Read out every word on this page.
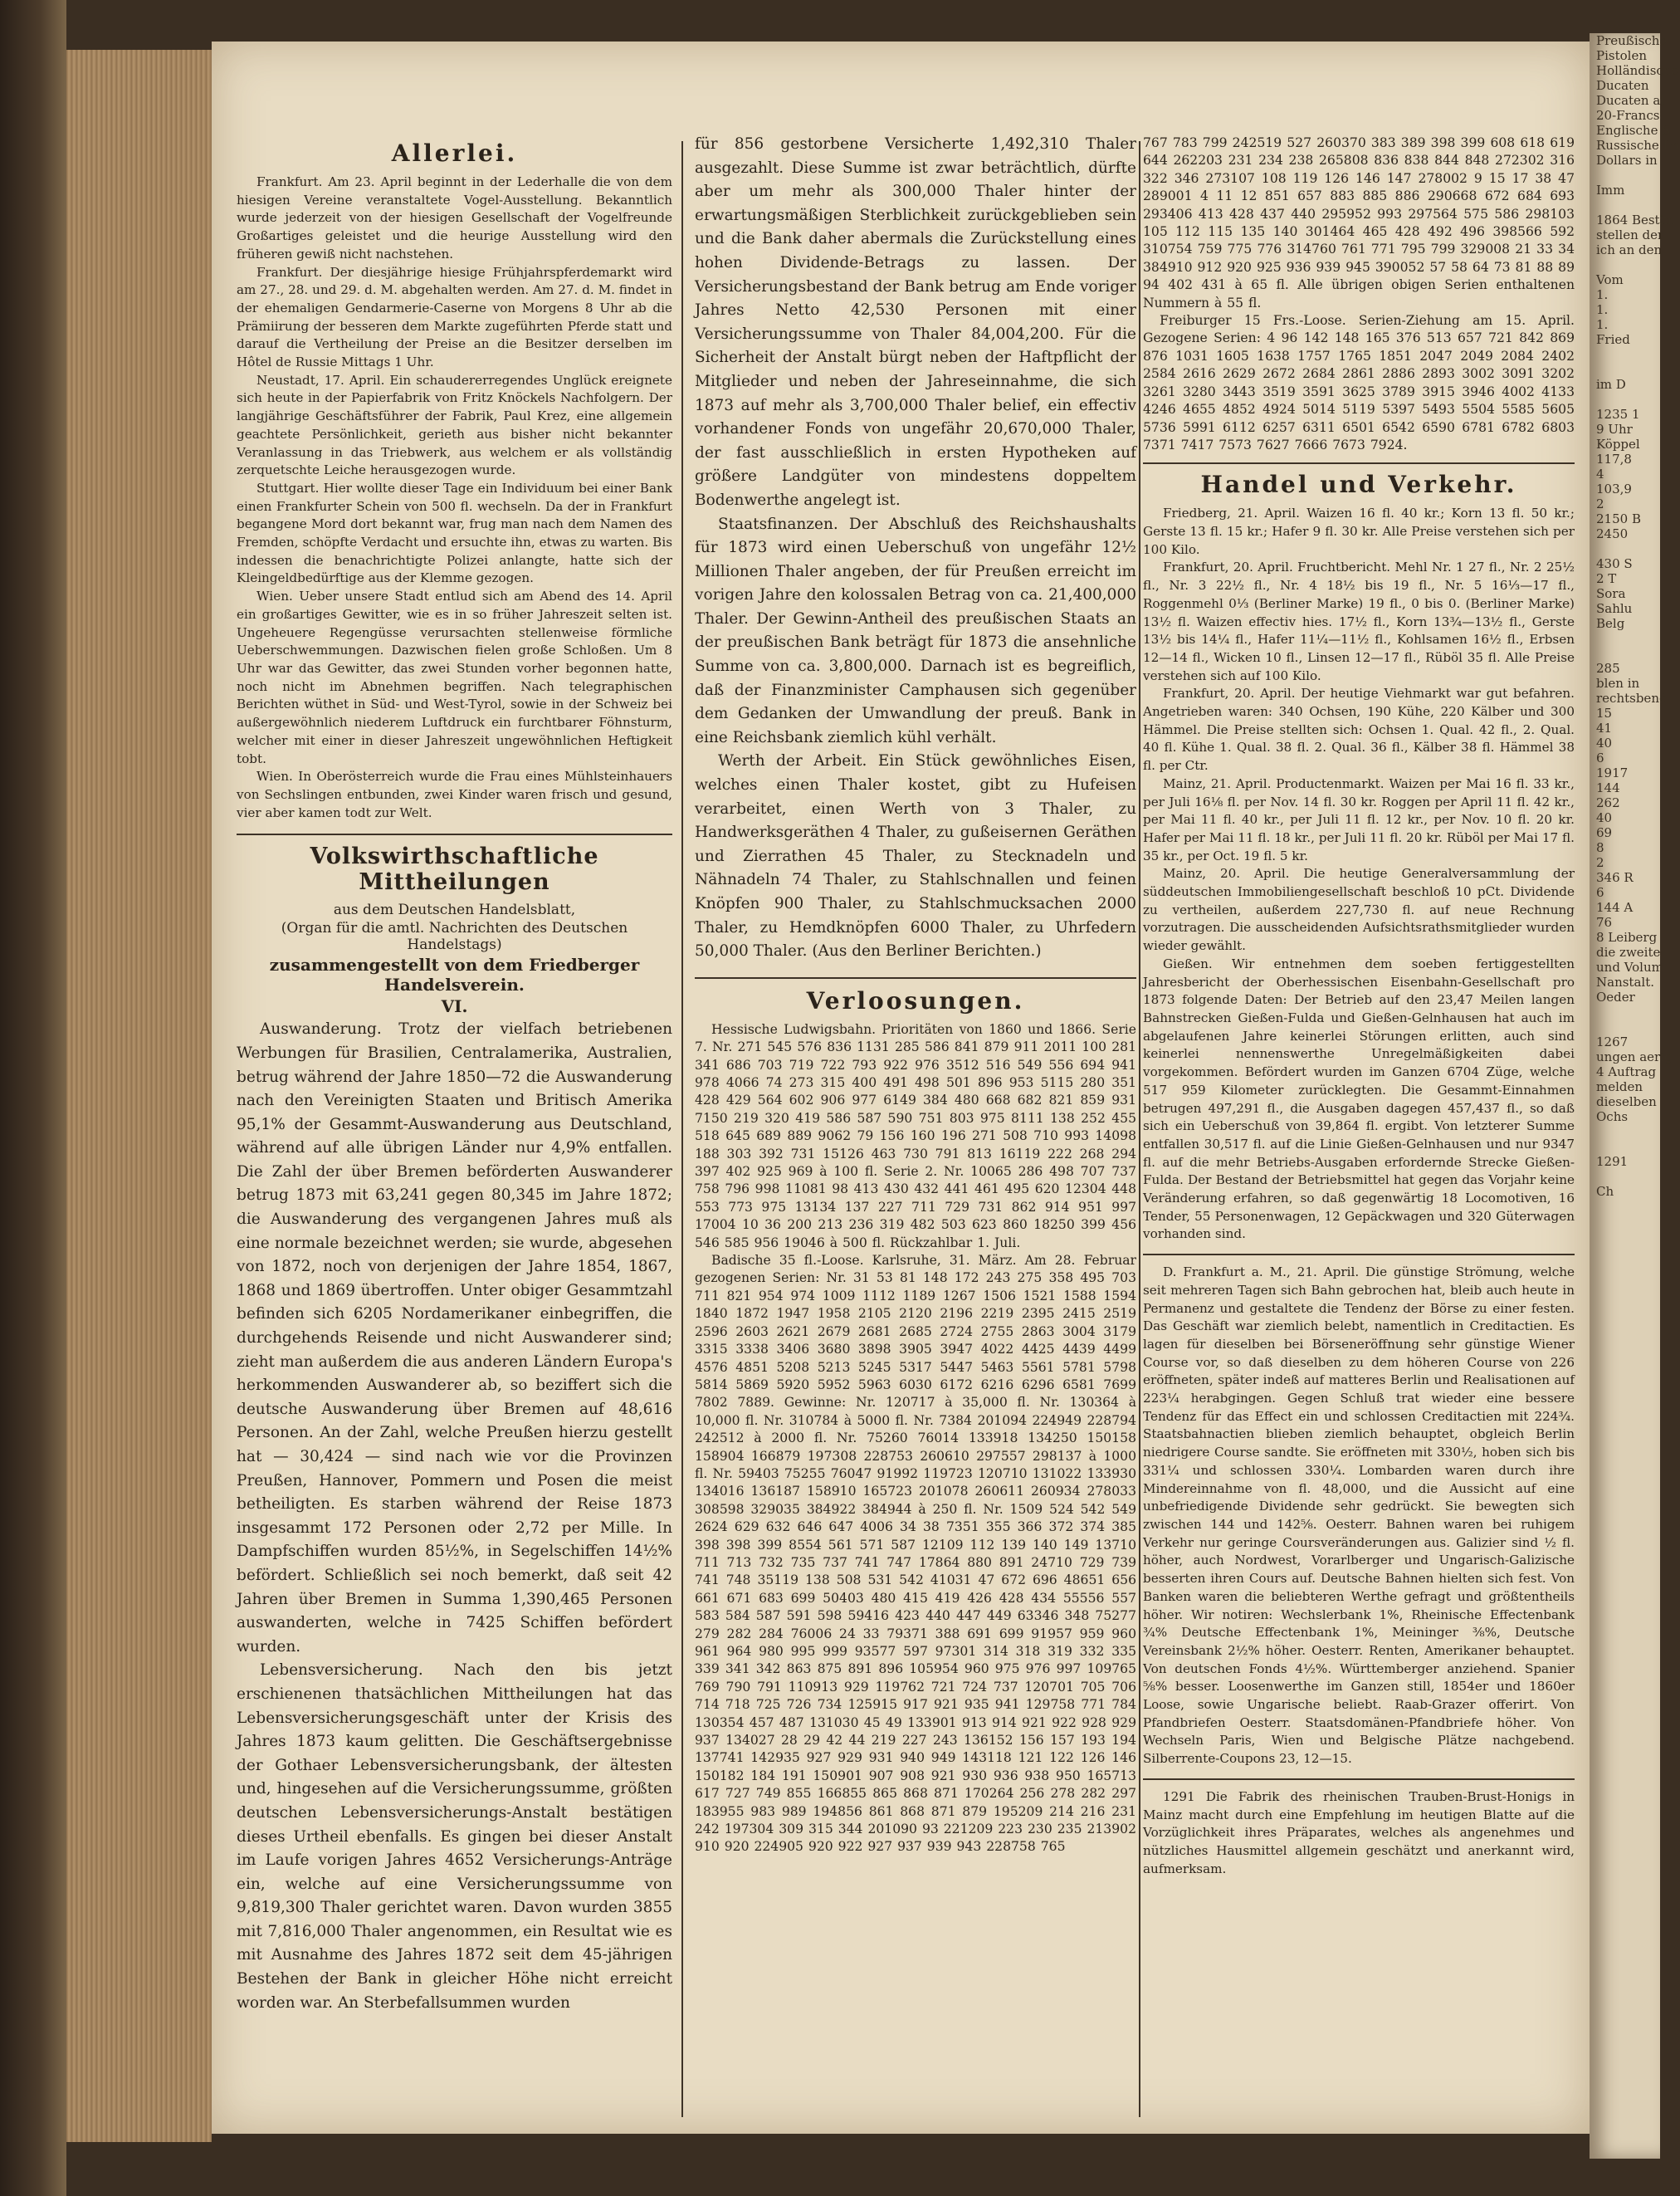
Allerlei.

Frankfurt. Am 23. April beginnt in der Lederhalle die von dem hiesigen Vereine veranstaltete Vogel-Ausstellung. Bekanntlich wurde jederzeit von der hiesigen Gesellschaft der Vogelfreunde Großartiges geleistet und die heurige Ausstellung wird den früheren gewiß nicht nachstehen.

Frankfurt. Der diesjährige hiesige Frühjahrspferdemarkt wird am 27., 28. und 29. d. M. abgehalten werden. Am 27. d. M. findet in der ehemaligen Gendarmerie-Caserne von Morgens 8 Uhr ab die Prämiirung der besseren dem Markte zugeführten Pferde statt und darauf die Vertheilung der Preise an die Besitzer derselben im Hôtel de Russie Mittags 1 Uhr.

Neustadt, 17. April. Ein schaudererregendes Unglück ereignete sich heute in der Papierfabrik von Fritz Knöckels Nachfolgern. Der langjährige Geschäftsführer der Fabrik, Paul Krez, eine allgemein geachtete Persönlichkeit, gerieth aus bisher nicht bekannter Veranlassung in das Triebwerk, aus welchem er als vollständig zerquetschte Leiche herausgezogen wurde.

Stuttgart. Hier wollte dieser Tage ein Individuum bei einer Bank einen Frankfurter Schein von 500 fl. wechseln. Da der in Frankfurt begangene Mord dort bekannt war, frug man nach dem Namen des Fremden, schöpfte Verdacht und ersuchte ihn, etwas zu warten. Bis indessen die benachrichtigte Polizei anlangte, hatte sich der Kleingeldbedürftige aus der Klemme gezogen.

Wien. Ueber unsere Stadt entlud sich am Abend des 14. April ein großartiges Gewitter, wie es in so früher Jahreszeit selten ist. Ungeheuere Regengüsse verursachten stellenweise förmliche Ueberschwemmungen. Dazwischen fielen große Schloßen. Um 8 Uhr war das Gewitter, das zwei Stunden vorher begonnen hatte, noch nicht im Abnehmen begriffen. Nach telegraphischen Berichten wüthet in Süd- und West-Tyrol, sowie in der Schweiz bei außergewöhnlich niederem Luftdruck ein furchtbarer Föhnsturm, welcher mit einer in dieser Jahreszeit ungewöhnlichen Heftigkeit tobt.

Wien. In Oberösterreich wurde die Frau eines Mühlsteinhauers von Sechslingen entbunden, zwei Kinder waren frisch und gesund, vier aber kamen todt zur Welt.

Volkswirthschaftliche Mittheilungen
aus dem Deutschen Handelsblatt,
(Organ für die amtl. Nachrichten des Deutschen Handelstags)
zusammengestellt von dem Friedberger Handelsverein.
VI.

Auswanderung. Trotz der vielfach betriebenen Werbungen für Brasilien, Centralamerika, Australien, betrug während der Jahre 1850—72 die Auswanderung nach den Vereinigten Staaten und Britisch Amerika 95,1% der Gesammt-Auswanderung aus Deutschland, während auf alle übrigen Länder nur 4,9% entfallen. Die Zahl der über Bremen beförderten Auswanderer betrug 1873 mit 63,241 gegen 80,345 im Jahre 1872; die Auswanderung des vergangenen Jahres muß als eine normale bezeichnet werden; sie wurde, abgesehen von 1872, noch von derjenigen der Jahre 1854, 1867, 1868 und 1869 übertroffen. Unter obiger Gesammtzahl befinden sich 6205 Nordamerikaner einbegriffen, die durchgehends Reisende und nicht Auswanderer sind; zieht man außerdem die aus anderen Ländern Europa's herkommenden Auswanderer ab, so beziffert sich die deutsche Auswanderung über Bremen auf 48,616 Personen. An der Zahl, welche Preußen hierzu gestellt hat — 30,424 — sind nach wie vor die Provinzen Preußen, Hannover, Pommern und Posen die meist betheiligten. Es starben während der Reise 1873 insgesammt 172 Personen oder 2,72 per Mille. In Dampfschiffen wurden 85½%, in Segelschiffen 14½% befördert. Schließlich sei noch bemerkt, daß seit 42 Jahren über Bremen in Summa 1,390,465 Personen auswanderten, welche in 7425 Schiffen befördert wurden.

Lebensversicherung. Nach den bis jetzt erschienenen thatsächlichen Mittheilungen hat das Lebensversicherungsgeschäft unter der Krisis des Jahres 1873 kaum gelitten. Die Geschäftsergebnisse der Gothaer Lebensversicherungsbank, der ältesten und, hingesehen auf die Versicherungssumme, größten deutschen Lebensversicherungs-Anstalt bestätigen dieses Urtheil ebenfalls. Es gingen bei dieser Anstalt im Laufe vorigen Jahres 4652 Versicherungs-Anträge ein, welche auf eine Versicherungssumme von 9,819,300 Thaler gerichtet waren. Davon wurden 3855 mit 7,816,000 Thaler angenommen, ein Resultat wie es mit Ausnahme des Jahres 1872 seit dem 45-jährigen Bestehen der Bank in gleicher Höhe nicht erreicht worden war. An Sterbefallsummen wurden

für 856 gestorbene Versicherte 1,492,310 Thaler ausgezahlt. Diese Summe ist zwar beträchtlich, dürfte aber um mehr als 300,000 Thaler hinter der erwartungsmäßigen Sterblichkeit zurückgeblieben sein und die Bank daher abermals die Zurückstellung eines hohen Dividende-Betrags zu lassen. Der Versicherungsbestand der Bank betrug am Ende voriger Jahres Netto 42,530 Personen mit einer Versicherungssumme von Thaler 84,004,200. Für die Sicherheit der Anstalt bürgt neben der Haftpflicht der Mitglieder und neben der Jahreseinnahme, die sich 1873 auf mehr als 3,700,000 Thaler belief, ein effectiv vorhandener Fonds von ungefähr 20,670,000 Thaler, der fast ausschließlich in ersten Hypotheken auf größere Landgüter von mindestens doppeltem Bodenwerthe angelegt ist.

Staatsfinanzen. Der Abschluß des Reichshaushalts für 1873 wird einen Ueberschuß von ungefähr 12½ Millionen Thaler angeben, der für Preußen erreicht im vorigen Jahre den kolossalen Betrag von ca. 21,400,000 Thaler. Der Gewinn-Antheil des preußischen Staats an der preußischen Bank beträgt für 1873 die ansehnliche Summe von ca. 3,800,000. Darnach ist es begreiflich, daß der Finanzminister Camphausen sich gegenüber dem Gedanken der Umwandlung der preuß. Bank in eine Reichsbank ziemlich kühl verhält.

Werth der Arbeit. Ein Stück gewöhnliches Eisen, welches einen Thaler kostet, gibt zu Hufeisen verarbeitet, einen Werth von 3 Thaler, zu Handwerksgeräthen 4 Thaler, zu gußeisernen Geräthen und Zierrathen 45 Thaler, zu Stecknadeln und Nähnadeln 74 Thaler, zu Stahlschnallen und feinen Knöpfen 900 Thaler, zu Stahlschmucksachen 2000 Thaler, zu Hemdknöpfen 6000 Thaler, zu Uhrfedern 50,000 Thaler. (Aus den Berliner Berichten.)

Verloosungen.

Hessische Ludwigsbahn. Prioritäten von 1860 und 1866. Serie 7. Nr. 271 545 576 836 1131 285 586 841 879 911 2011 100 281 341 686 703 719 722 793 922 976 3512 516 549 556 694 941 978 4066 74 273 315 400 491 498 501 896 953 5115 280 351 428 429 564 602 906 977 6149 384 480 668 682 821 859 931 7150 219 320 419 586 587 590 751 803 975 8111 138 252 455 518 645 689 889 9062 79 156 160 196 271 508 710 993 14098 188 303 392 731 15126 463 730 791 813 16119 222 268 294 397 402 925 969 à 100 fl. Serie 2. Nr. 10065 286 498 707 737 758 796 998 11081 98 413 430 432 441 461 495 620 12304 448 553 773 975 13134 137 227 711 729 731 862 914 951 997 17004 10 36 200 213 236 319 482 503 623 860 18250 399 456 546 585 956 19046 à 500 fl. Rückzahlbar 1. Juli.

Badische 35 fl.-Loose. Karlsruhe, 31. März. Am 28. Februar gezogenen Serien: Nr. 31 53 81 148 172 243 275 358 495 703 711 821 954 974 1009 1112 1189 1267 1506 1521 1588 1594 1840 1872 1947 1958 2105 2120 2196 2219 2395 2415 2519 2596 2603 2621 2679 2681 2685 2724 2755 2863 3004 3179 3315 3338 3406 3680 3898 3905 3947 4022 4425 4439 4499 4576 4851 5208 5213 5245 5317 5447 5463 5561 5781 5798 5814 5869 5920 5952 5963 6030 6172 6216 6296 6581 7699 7802 7889. Gewinne: Nr. 120717 à 35,000 fl. Nr. 130364 à 10,000 fl. Nr. 310784 à 5000 fl. Nr. 7384 201094 224949 228794 242512 à 2000 fl. Nr. 75260 76014 133918 134250 150158 158904 166879 197308 228753 260610 297557 298137 à 1000 fl. Nr. 59403 75255 76047 91992 119723 120710 131022 133930 134016 136187 158910 165723 201078 260611 260934 278033 308598 329035 384922 384944 à 250 fl. Nr. 1509 524 542 549 2624 629 632 646 647 4006 34 38 7351 355 366 372 374 385 398 398 399 8554 561 571 587 12109 112 139 140 149 13710 711 713 732 735 737 741 747 17864 880 891 24710 729 739 741 748 35119 138 508 531 542 41031 47 672 696 48651 656 661 671 683 699 50403 480 415 419 426 428 434 55556 557 583 584 587 591 598 59416 423 440 447 449 63346 348 75277 279 282 284 76006 24 33 79371 388 691 699 91957 959 960 961 964 980 995 999 93577 597 97301 314 318 319 332 335 339 341 342 863 875 891 896 105954 960 975 976 997 109765 769 790 791 110913 929 119762 721 724 737 120701 705 706 714 718 725 726 734 125915 917 921 935 941 129758 771 784 130354 457 487 131030 45 49 133901 913 914 921 922 928 929 937 134027 28 29 42 44 219 227 243 136152 156 157 193 194 137741 142935 927 929 931 940 949 143118 121 122 126 146 150182 184 191 150901 907 908 921 930 936 938 950 165713 617 727 749 855 166855 865 868 871 170264 256 278 282 297 183955 983 989 194856 861 868 871 879 195209 214 216 231 242 197304 309 315 344 201090 93 221209 223 230 235 213902 910 920 224905 920 922 927 937 939 943 228758 765

767 783 799 242519 527 260370 383 389 398 399 608 618 619 644 262203 231 234 238 265808 836 838 844 848 272302 316 322 346 273107 108 119 126 146 147 278002 9 15 17 38 47 289001 4 11 12 851 657 883 885 886 290668 672 684 693 293406 413 428 437 440 295952 993 297564 575 586 298103 105 112 115 135 140 301464 465 428 492 496 398566 592 310754 759 775 776 314760 761 771 795 799 329008 21 33 34 384910 912 920 925 936 939 945 390052 57 58 64 73 81 88 89 94 402 431 à 65 fl. Alle übrigen obigen Serien enthaltenen Nummern à 55 fl.

Freiburger 15 Frs.-Loose. Serien-Ziehung am 15. April. Gezogene Serien: 4 96 142 148 165 376 513 657 721 842 869 876 1031 1605 1638 1757 1765 1851 2047 2049 2084 2402 2584 2616 2629 2672 2684 2861 2886 2893 3002 3091 3202 3261 3280 3443 3519 3591 3625 3789 3915 3946 4002 4133 4246 4655 4852 4924 5014 5119 5397 5493 5504 5585 5605 5736 5991 6112 6257 6311 6501 6542 6590 6781 6782 6803 7371 7417 7573 7627 7666 7673 7924.

Handel und Verkehr.

Friedberg, 21. April. Waizen 16 fl. 40 kr.; Korn 13 fl. 50 kr.; Gerste 13 fl. 15 kr.; Hafer 9 fl. 30 kr. Alle Preise verstehen sich per 100 Kilo.

Frankfurt, 20. April. Fruchtbericht. Mehl Nr. 1 27 fl., Nr. 2 25½ fl., Nr. 3 22½ fl., Nr. 4 18½ bis 19 fl., Nr. 5 16⅓—17 fl., Roggenmehl 0⅓ (Berliner Marke) 19 fl., 0 bis 0. (Berliner Marke) 13½ fl. Waizen effectiv hies. 17½ fl., Korn 13¾—13½ fl., Gerste 13½ bis 14¼ fl., Hafer 11¼—11½ fl., Kohlsamen 16½ fl., Erbsen 12—14 fl., Wicken 10 fl., Linsen 12—17 fl., Rüböl 35 fl. Alle Preise verstehen sich auf 100 Kilo.

Frankfurt, 20. April. Der heutige Viehmarkt war gut befahren. Angetrieben waren: 340 Ochsen, 190 Kühe, 220 Kälber und 300 Hämmel. Die Preise stellten sich: Ochsen 1. Qual. 42 fl., 2. Qual. 40 fl. Kühe 1. Qual. 38 fl. 2. Qual. 36 fl., Kälber 38 fl. Hämmel 38 fl. per Ctr.

Mainz, 21. April. Productenmarkt. Waizen per Mai 16 fl. 33 kr., per Juli 16⅛ fl. per Nov. 14 fl. 30 kr. Roggen per April 11 fl. 42 kr., per Mai 11 fl. 40 kr., per Juli 11 fl. 12 kr., per Nov. 10 fl. 20 kr. Hafer per Mai 11 fl. 18 kr., per Juli 11 fl. 20 kr. Rüböl per Mai 17 fl. 35 kr., per Oct. 19 fl. 5 kr.

Mainz, 20. April. Die heutige Generalversammlung der süddeutschen Immobiliengesellschaft beschloß 10 pCt. Dividende zu vertheilen, außerdem 227,730 fl. auf neue Rechnung vorzutragen. Die ausscheidenden Aufsichtsrathsmitglieder wurden wieder gewählt.

Gießen. Wir entnehmen dem soeben fertiggestellten Jahresbericht der Oberhessischen Eisenbahn-Gesellschaft pro 1873 folgende Daten: Der Betrieb auf den 23,47 Meilen langen Bahnstrecken Gießen-Fulda und Gießen-Gelnhausen hat auch im abgelaufenen Jahre keinerlei Störungen erlitten, auch sind keinerlei nennenswerthe Unregelmäßigkeiten dabei vorgekommen. Befördert wurden im Ganzen 6704 Züge, welche 517 959 Kilometer zurücklegten. Die Gesammt-Einnahmen betrugen 497,291 fl., die Ausgaben dagegen 457,437 fl., so daß sich ein Ueberschuß von 39,864 fl. ergibt. Von letzterer Summe entfallen 30,517 fl. auf die Linie Gießen-Gelnhausen und nur 9347 fl. auf die mehr Betriebs-Ausgaben erfordernde Strecke Gießen-Fulda. Der Bestand der Betriebsmittel hat gegen das Vorjahr keine Veränderung erfahren, so daß gegenwärtig 18 Locomotiven, 16 Tender, 55 Personenwagen, 12 Gepäckwagen und 320 Güterwagen vorhanden sind.

D. Frankfurt a. M., 21. April. Die günstige Strömung, welche seit mehreren Tagen sich Bahn gebrochen hat, bleib auch heute in Permanenz und gestaltete die Tendenz der Börse zu einer festen. Das Geschäft war ziemlich belebt, namentlich in Creditactien. Es lagen für dieselben bei Börseneröffnung sehr günstige Wiener Course vor, so daß dieselben zu dem höheren Course von 226 eröffneten, später indeß auf matteres Berlin und Realisationen auf 223¼ herabgingen. Gegen Schluß trat wieder eine bessere Tendenz für das Effect ein und schlossen Creditactien mit 224¾. Staatsbahnactien blieben ziemlich behauptet, obgleich Berlin niedrigere Course sandte. Sie eröffneten mit 330½, hoben sich bis 331¼ und schlossen 330¼. Lombarden waren durch ihre Mindereinnahme von fl. 48,000, und die Aussicht auf eine unbefriedigende Dividende sehr gedrückt. Sie bewegten sich zwischen 144 und 142⅝. Oesterr. Bahnen waren bei ruhigem Verkehr nur geringe Coursveränderungen aus. Galizier sind ½ fl. höher, auch Nordwest, Vorarlberger und Ungarisch-Galizische besserten ihren Cours auf. Deutsche Bahnen hielten sich fest. Von Banken waren die beliebteren Werthe gefragt und größtentheils höher. Wir notiren: Wechslerbank 1%, Rheinische Effectenbank ¾% Deutsche Effectenbank 1%, Meininger ⅜%, Deutsche Vereinsbank 2½% höher. Oesterr. Renten, Amerikaner behauptet. Von deutschen Fonds 4½%. Württemberger anziehend. Spanier ⅝% besser. Loosenwerthe im Ganzen still, 1854er und 1860er Loose, sowie Ungarische beliebt. Raab-Grazer offerirt. Von Pfandbriefen Oesterr. Staatsdomänen-Pfandbriefe höher. Von Wechseln Paris, Wien und Belgische Plätze nachgebend. Silberrente-Coupons 23, 12—15.

1291 Die Fabrik des rheinischen Trauben-Brust-Honigs in Mainz macht durch eine Empfehlung im heutigen Blatte auf die Vorzüglichkeit ihres Präparates, welches als angenehmes und nützliches Hausmittel allgemein geschätzt und anerkannt wird, aufmerksam.

Preußische
Pistolen
Holländische
Ducaten
Ducaten al
20-Francs
Englische S
Russische Im
Dollars in

Imm

1864 Bestim
stellen der
ich an den

Vom
1.
1.
1.
Fried

im D

1235 1
9 Uhr
Köppel
117,8
4
103,9
2
2150 B
2450

430 S
2 T
Sora
Sahlu
Belg

285
blen in
rechtsbend
15
41
40
6
1917
144
262
40
69
8
2
346 R
6
144 A
76
8 Leiberg
die zweite
und Volum
Nanstalt.
Oeder

1267
ungen aerig
4 Auftrag
melden
dieselben
Ochs

1291

Ch
